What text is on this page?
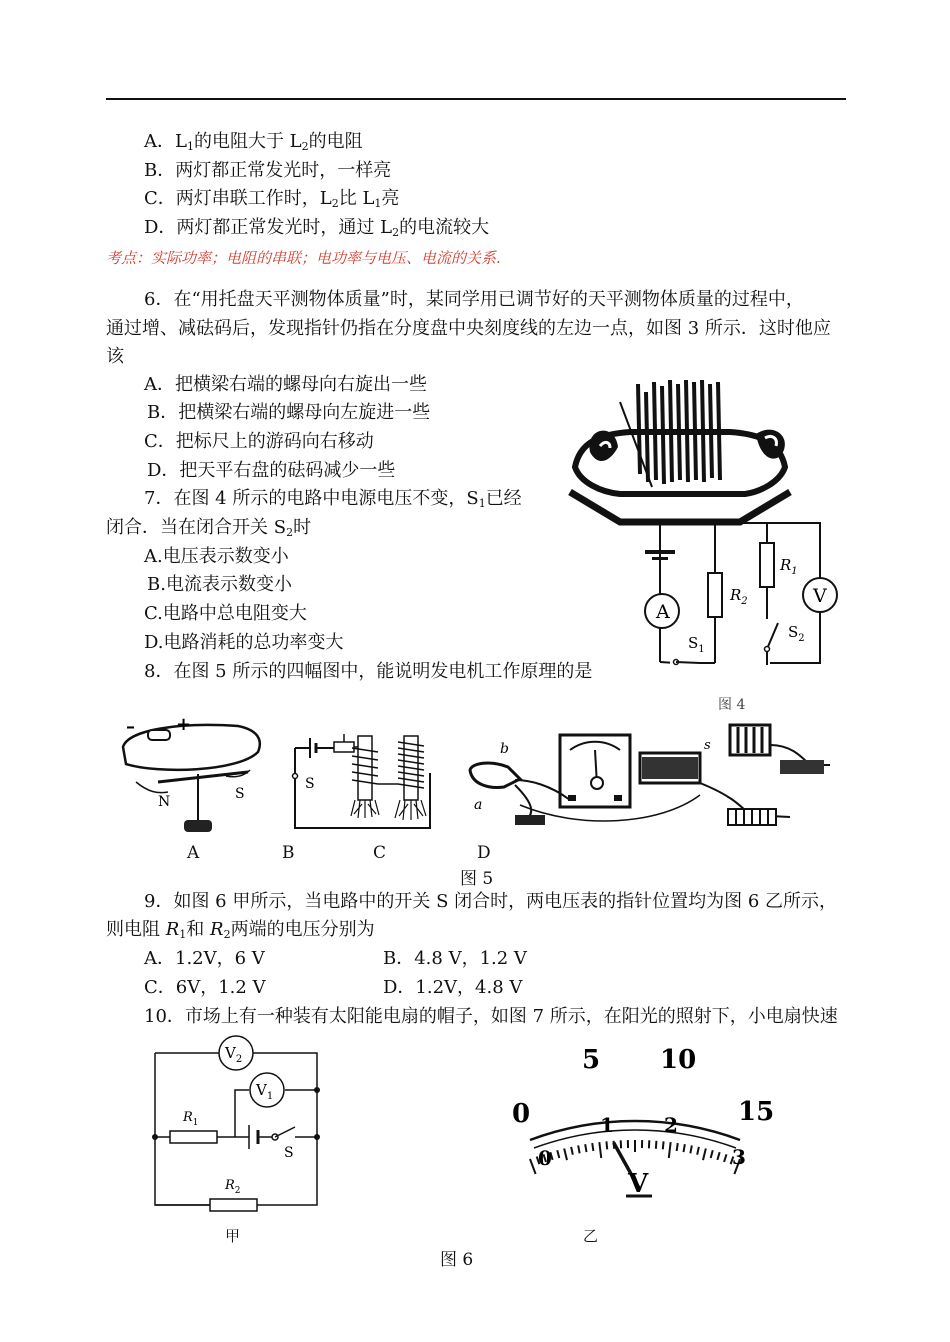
A．$L_1$的电阻大于 $L_2$的电阻
B．两灯都正常发光时，一样亮
C．两灯串联工作时，$L_2$比 $L_1$亮
D．两灯都正常发光时，通过 $L_2$的电流较大
考点：实际功率；电阻的串联；电功率与电压、电流的关系.
6．在“用托盘天平测物体质量”时，某同学用已调节好的天平测物体质量的过程中，
通过增、减砝码后，发现指针仍指在分度盘中央刻度线的左边一点，如图 3 所示．这时他应
该
A．把横梁右端的螺母向右旋出一些
B．把横梁右端的螺母向左旋进一些
C．把标尺上的游码向右移动
D．把天平右盘的砝码减少一些
7．在图 4 所示的电路中电源电压不变，$S_1$已经
闭合．当在闭合开关 $S_2$时
A.电压表示数变小
B.电流表示数变小
C.电路中总电阻变大
D.电路消耗的总功率变大
8．在图 5 所示的四幅图中，能说明发电机工作原理的是
A
$R_2$
$R_1$
V
$S_2$
$S_1$
图 4
– +
N	S
S
b
a
s
A	B	C	D
图 5
9．如图 6 甲所示，当电路中的开关 S 闭合时，两电压表的指针位置均为图 6 乙所示，
则电阻 $R_1$和 $R_2$两端的电压分别为
A．1.2V，6 V	B．4.8 V，1.2 V
C．6V，1.2 V	D．1.2V，4.8 V
10．市场上有一种装有太阳能电扇的帽子，如图 7 所示，在阳光的照射下，小电扇快速
$V_2$
$V_1$
$R_1$
S
$R_2$
甲
0
5 10
15
0
1	2
3
V
乙
图 6
